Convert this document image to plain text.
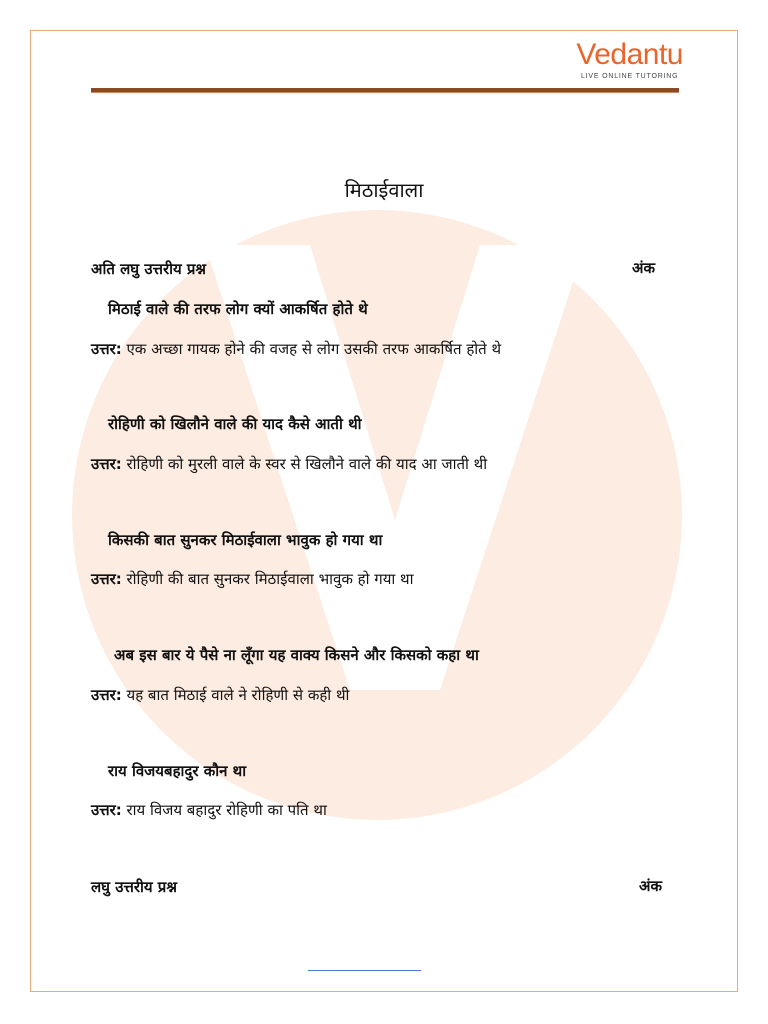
Vedantu
LIVE ONLINE TUTORING
मिठाईवाला
अति लघु उत्तरीय प्रश्न	अंक
मिठाई वाले की तरफ लोग क्यों आकर्षित होते थे
उत्तर: एक अच्छा गायक होने की वजह से लोग उसकी तरफ आकर्षित होते थे
रोहिणी को खिलौने वाले की याद कैसे आती थी
उत्तर: रोहिणी को मुरली वाले के स्वर से खिलौने वाले की याद आ जाती थी
किसकी बात सुनकर मिठाईवाला भावुक हो गया था
उत्तर: रोहिणी की बात सुनकर मिठाईवाला भावुक हो गया था
अब इस बार ये पैसे ना लूँगा यह वाक्य किसने और किसको कहा था
उत्तर: यह बात मिठाई वाले ने रोहिणी से कही थी
राय विजयबहादुर कौन था
उत्तर: राय विजय बहादुर रोहिणी का पति था
लघु उत्तरीय प्रश्न	अंक
